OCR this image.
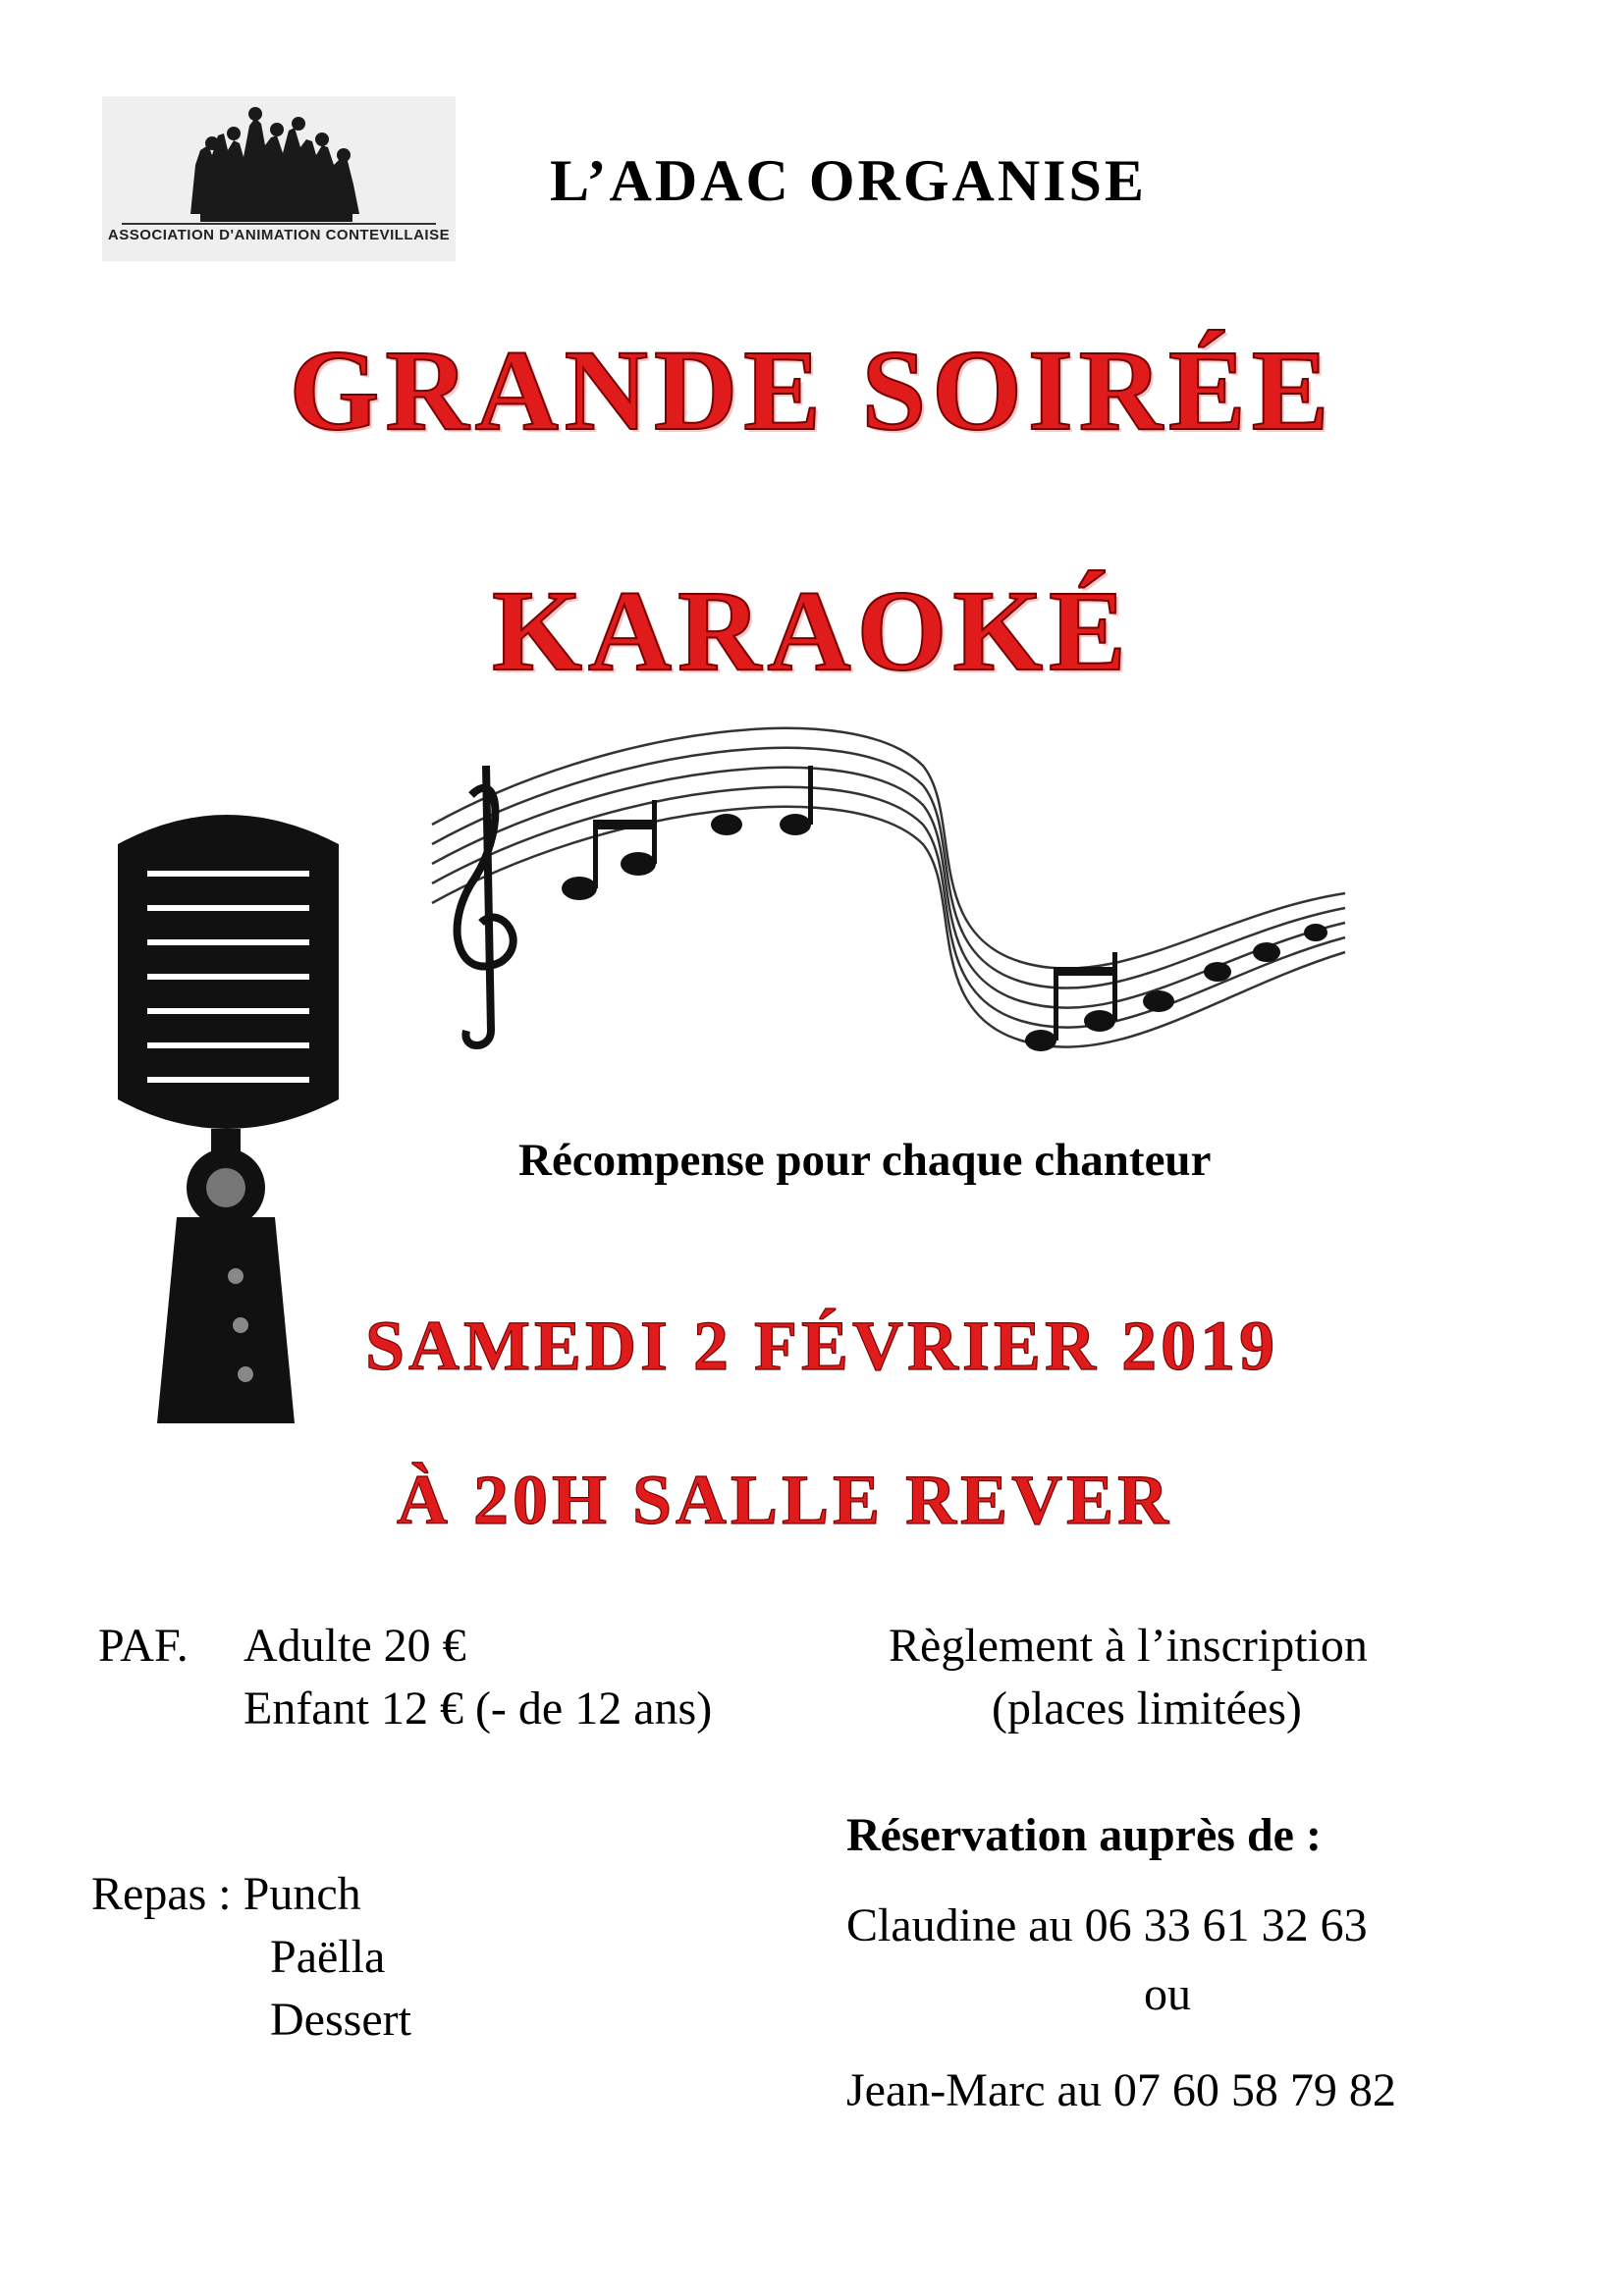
ASSOCIATION D'ANIMATION CONTEVILLAISE
L’ADAC ORGANISE
GRANDE SOIRÉE
KARAOKÉ
Récompense pour chaque chanteur
SAMEDI 2 FÉVRIER 2019
À 20H SALLE REVER
PAF. Adulte 20 €
Enfant 12 € (- de 12 ans)
Règlement à l’inscription
(places limitées)
Réservation auprès de :
Repas : Punch
Paëlla
Dessert
Claudine au 06 33 61 32 63
ou
Jean-Marc au 07 60 58 79 82
